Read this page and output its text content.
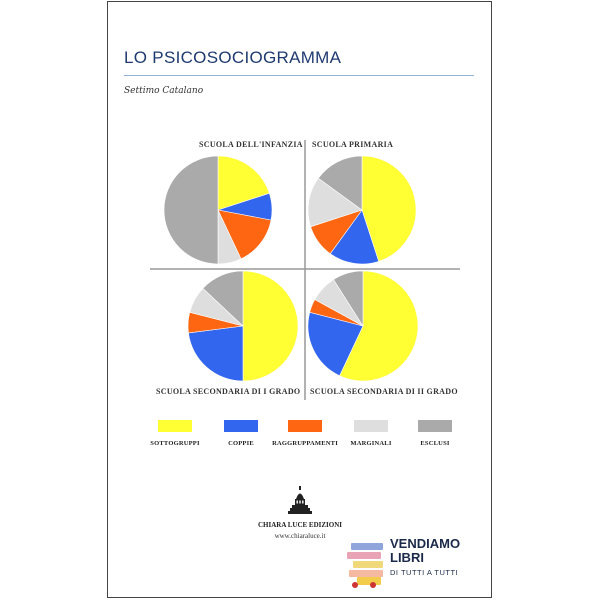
LO PSICOSOCIOGRAMMA
Settimo Catalano
SCUOLA DELL'INFANZIA SCUOLA PRIMARIA
SCUOLA SECONDARIA DI I GRADO SCUOLA SECONDARIA DI II GRADO
SOTTOGRUPPI	COPPIE	RAGGRUPPAMENTI	MARGINALI	ESCLUSI
CHIARA LUCE EDIZIONI
www.chiaraluce.it	VENDIAMO
LIBRI
DI TUTTI A TUTTI
